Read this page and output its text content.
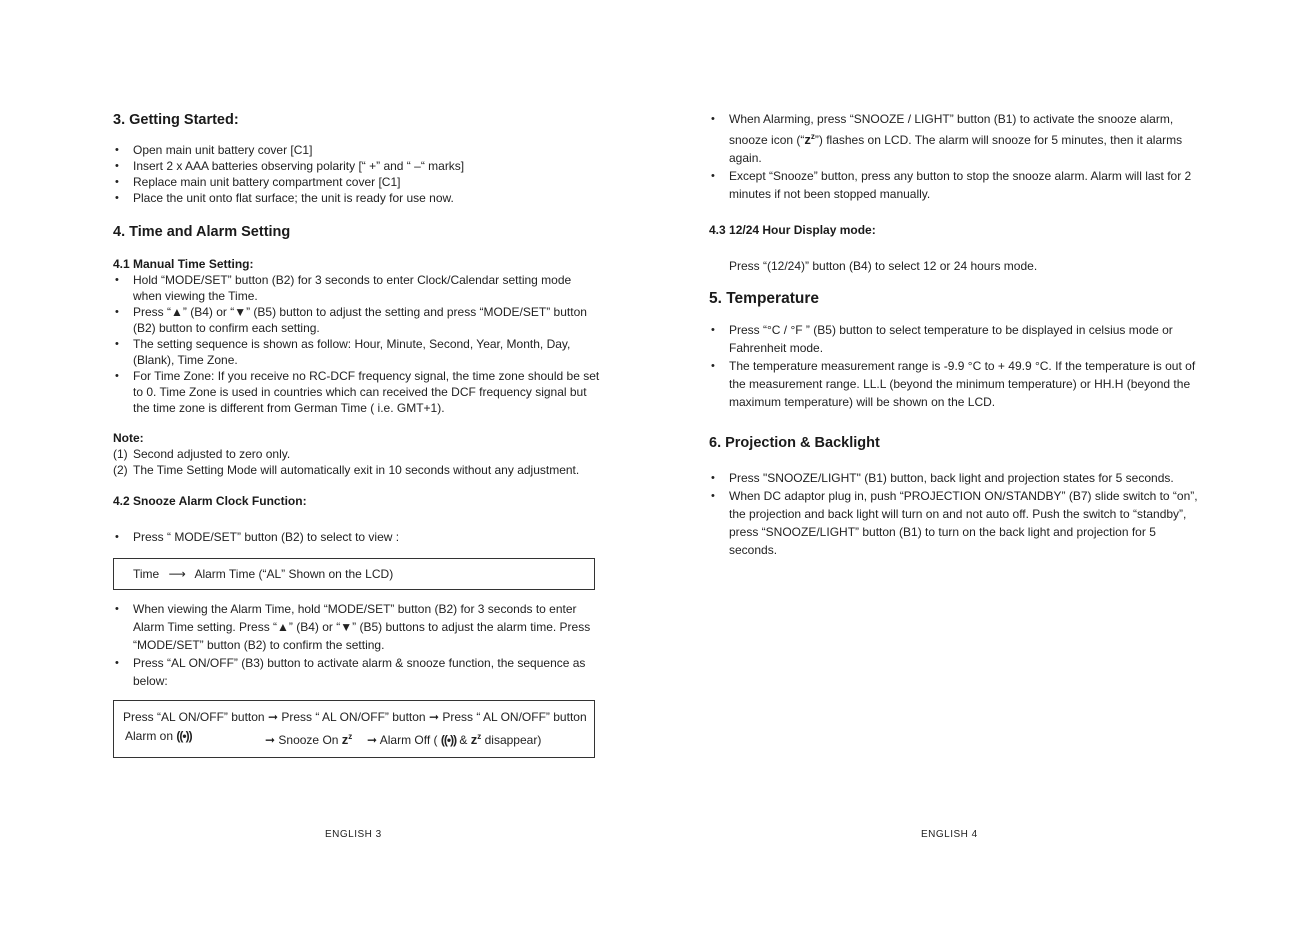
3. Getting Started:
• Open main unit battery cover [C1]
• Insert 2 x AAA batteries observing polarity [“ +” and “ –“ marks]
• Replace main unit battery compartment cover [C1]
• Place the unit onto flat surface; the unit is ready for use now.
4. Time and Alarm Setting
4.1 Manual Time Setting:
• Hold “MODE/SET” button (B2) for 3 seconds to enter Clock/Calendar setting mode when viewing the Time.
• Press “▲” (B4) or “▼” (B5) button to adjust the setting and press “MODE/SET” button (B2) button to confirm each setting.
• The setting sequence is shown as follow: Hour, Minute, Second, Year, Month, Day, (Blank), Time Zone.
• For Time Zone: If you receive no RC-DCF frequency signal, the time zone should be set to 0. Time Zone is used in countries which can received the DCF frequency signal but the time zone is different from German Time ( i.e. GMT+1).
Note:
(1) Second adjusted to zero only.
(2) The Time Setting Mode will automatically exit in 10 seconds without any adjustment.
4.2 Snooze Alarm Clock Function:
• Press “ MODE/SET” button (B2) to select to view :
Time ⟶ Alarm Time (“AL” Shown on the LCD)
• When viewing the Alarm Time, hold “MODE/SET” button (B2) for 3 seconds to enter Alarm Time setting. Press “▲” (B4) or “▼” (B5) buttons to adjust the alarm time. Press “MODE/SET” button (B2) to confirm the setting.
• Press “AL ON/OFF” (B3) button to activate alarm & snooze function, the sequence as below:
Press “AL ON/OFF” button ➞ Press “ AL ON/OFF” button ➞ Press “ AL ON/OFF” button
Alarm on ((•))	➞ Snooze On $z^z$ ➞ Alarm Off ( ((•)) & $z^z$ disappear)
ENGLISH 3
• When Alarming, press “SNOOZE / LIGHT” button (B1) to activate the snooze alarm, snooze icon $(“z^z”)$ flashes on LCD. The alarm will snooze for 5 minutes, then it alarms again.
• Except “Snooze” button, press any button to stop the snooze alarm. Alarm will last for 2 minutes if not been stopped manually.
4.3 12/24 Hour Display mode:
Press “(12/24)” button (B4) to select 12 or 24 hours mode.
5. Temperature
• Press “°C / °F ” (B5) button to select temperature to be displayed in celsius mode or Fahrenheit mode.
• The temperature measurement range is -9.9 °C to + 49.9 °C. If the temperature is out of the measurement range. LL.L (beyond the minimum temperature) or HH.H (beyond the maximum temperature) will be shown on the LCD.
6. Projection & Backlight
• Press "SNOOZE/LIGHT" (B1) button, back light and projection states for 5 seconds.
• When DC adaptor plug in, push “PROJECTION ON/STANDBY” (B7) slide switch to “on”, the projection and back light will turn on and not auto off. Push the switch to “standby”, press “SNOOZE/LIGHT” button (B1) to turn on the back light and projection for 5 seconds.
ENGLISH 4
